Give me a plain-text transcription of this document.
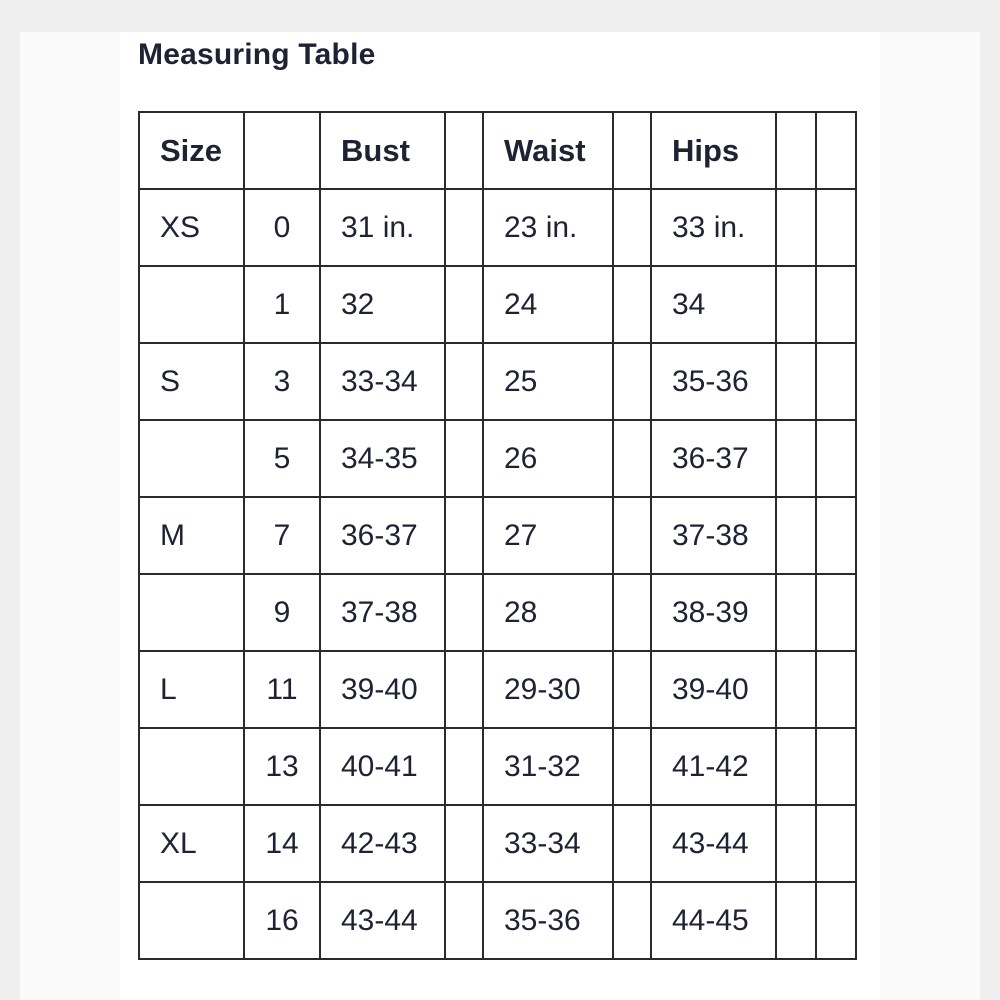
Measuring Table
Size		Bust		Waist		Hips		
XS	0	31 in.		23 in.		33 in.		
	1	32		24		34		
S	3	33-34		25		35-36		
	5	34-35		26		36-37		
M	7	36-37		27		37-38		
	9	37-38		28		38-39		
L	11	39-40		29-30		39-40		
	13	40-41		31-32		41-42		
XL	14	42-43		33-34		43-44		
	16	43-44		35-36		44-45		
